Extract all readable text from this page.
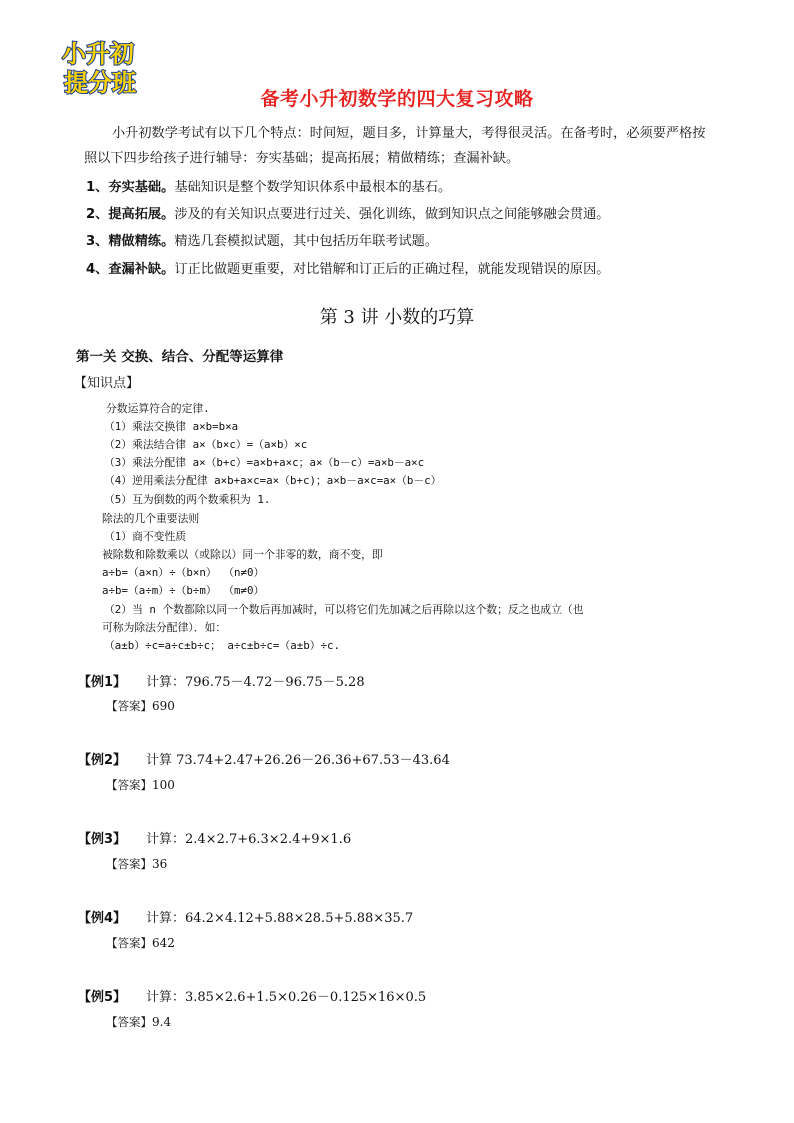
小升初
提分班
备考小升初数学的四大复习攻略
小升初数学考试有以下几个特点：时间短，题目多，计算量大，考得很灵活。在备考时，必须要严格按照以下四步给孩子进行辅导：夯实基础；提高拓展；精做精练；查漏补缺。
1、夯实基础。基础知识是整个数学知识体系中最根本的基石。
2、提高拓展。涉及的有关知识点要进行过关、强化训练，做到知识点之间能够融会贯通。
3、精做精练。精选几套模拟试题，其中包括历年联考试题。
4、查漏补缺。订正比做题更重要，对比错解和订正后的正确过程，就能发现错误的原因。
第 3 讲 小数的巧算
第一关 交换、结合、分配等运算律
【知识点】
分数运算符合的定律.
（1）乘法交换律 a×b=b×a
（2）乘法结合律 a×（b×c）=（a×b）×c
（3）乘法分配律 a×（b+c）=a×b+a×c；a×（b－c）=a×b－a×c
（4）逆用乘法分配律 a×b+a×c=a×（b+c)；a×b－a×c=a×（b－c）
（5）互为倒数的两个数乘积为 1.
除法的几个重要法则
（1）商不变性质
被除数和除数乘以（或除以）同一个非零的数，商不变，即
a÷b=（a×n）÷（b×n） （n≠0）
a÷b=（a÷m）÷（b÷m） （m≠0）
（2）当 n 个数都除以同一个数后再加减时，可以将它们先加减之后再除以这个数；反之也成立（也
可称为除法分配律）．如：
（a±b）÷c=a÷c±b÷c； a÷c±b÷c=（a±b）÷c.
【例1】 计算：796.75－4.72－96.75－5.28
【答案】690
【例2】 计算 73.74+2.47+26.26－26.36+67.53－43.64
【答案】100
【例3】 计算：2.4×2.7+6.3×2.4+9×1.6
【答案】36
【例4】 计算：64.2×4.12+5.88×28.5+5.88×35.7
【答案】642
【例5】 计算：3.85×2.6+1.5×0.26－0.125×16×0.5
【答案】9.4
